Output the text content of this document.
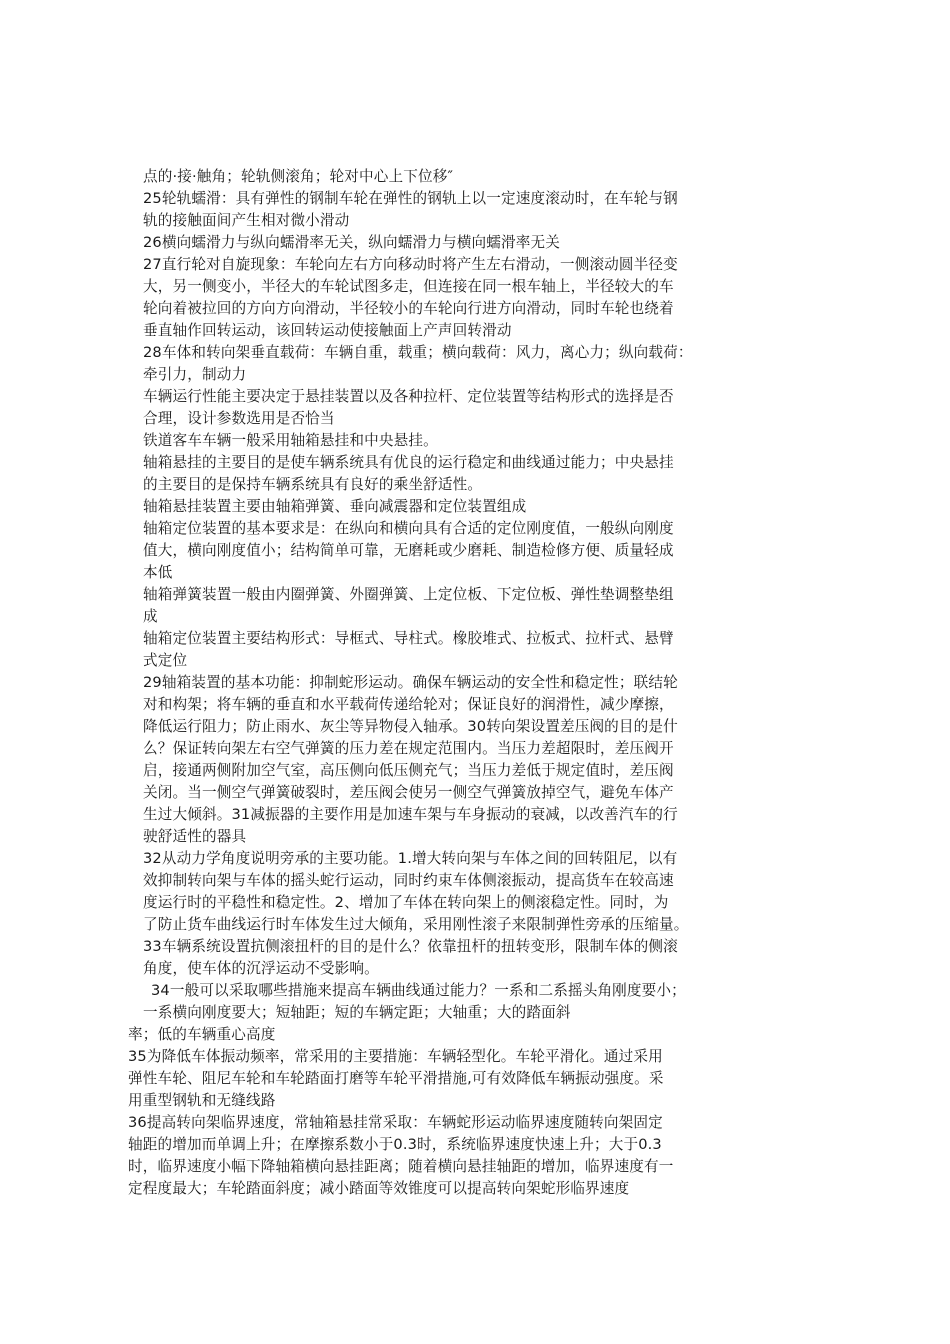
点的·接·触角；轮轨侧滚角；轮对中心上下位移″
25轮轨蠕滑：具有弹性的钢制车轮在弹性的钢轨上以一定速度滚动时，在车轮与钢
轨的接触面间产生相对微小滑动
26横向蠕滑力与纵向蠕滑率无关，纵向蠕滑力与横向蠕滑率无关
27直行轮对自旋现象：车轮向左右方向移动时将产生左右滑动，一侧滚动圆半径变
大，另一侧变小，半径大的车轮试图多走，但连接在同一根车轴上，半径较大的车
轮向着被拉回的方向方向滑动，半径较小的车轮向行进方向滑动，同时车轮也绕着
垂直轴作回转运动，该回转运动使接触面上产声回转滑动
28车体和转向架垂直载荷：车辆自重，载重；横向载荷：风力，离心力；纵向载荷：
牵引力，制动力
车辆运行性能主要决定于悬挂装置以及各种拉杆、定位装置等结构形式的选择是否
合理，设计参数选用是否恰当
铁道客车车辆一般采用轴箱悬挂和中央悬挂。
轴箱悬挂的主要目的是使车辆系统具有优良的运行稳定和曲线通过能力；中央悬挂
的主要目的是保持车辆系统具有良好的乘坐舒适性。
轴箱悬挂装置主要由轴箱弹簧、垂向减震器和定位装置组成
轴箱定位装置的基本要求是：在纵向和横向具有合适的定位刚度值，一般纵向刚度
值大，横向刚度值小；结构简单可靠，无磨耗或少磨耗、制造检修方便、质量轻成
本低
轴箱弹簧装置一般由内圈弹簧、外圈弹簧、上定位板、下定位板、弹性垫调整垫组
成
轴箱定位装置主要结构形式：导框式、导柱式。橡胶堆式、拉板式、拉杆式、悬臂
式定位
29轴箱装置的基本功能：抑制蛇形运动。确保车辆运动的安全性和稳定性；联结轮
对和构架；将车辆的垂直和水平载荷传递给轮对；保证良好的润滑性，减少摩擦，
降低运行阻力；防止雨水、灰尘等异物侵入轴承。30转向架设置差压阀的目的是什
么？保证转向架左右空气弹簧的压力差在规定范围内。当压力差超限时，差压阀开
启，接通两侧附加空气室，高压侧向低压侧充气；当压力差低于规定值时，差压阀
关闭。当一侧空气弹簧破裂时，差压阀会使另一侧空气弹簧放掉空气，避免车体产
生过大倾斜。31减振器的主要作用是加速车架与车身振动的衰减，以改善汽车的行
驶舒适性的器具
32从动力学角度说明旁承的主要功能。1.增大转向架与车体之间的回转阻尼，以有
效抑制转向架与车体的摇头蛇行运动，同时约束车体侧滚振动，提高货车在较高速
度运行时的平稳性和稳定性。2、增加了车体在转向架上的侧滚稳定性。同时，为
了防止货车曲线运行时车体发生过大倾角，采用刚性滚子来限制弹性旁承的压缩量。
33车辆系统设置抗侧滚扭杆的目的是什么？依靠扭杆的扭转变形，限制车体的侧滚
角度，使车体的沉浮运动不受影响。
34一般可以采取哪些措施来提高车辆曲线通过能力？一系和二系摇头角刚度要小；
一系横向刚度要大；短轴距；短的车辆定距；大轴重；大的踏面斜
率；低的车辆重心高度
35为降低车体振动频率，常采用的主要措施：车辆轻型化。车轮平滑化。通过采用
弹性车轮、阻尼车轮和车轮踏面打磨等车轮平滑措施,可有效降低车辆振动强度。采
用重型钢轨和无缝线路
36提高转向架临界速度，常轴箱悬挂常采取：车辆蛇形运动临界速度随转向架固定
轴距的增加而单调上升；在摩擦系数小于0.3时，系统临界速度快速上升；大于0.3
时，临界速度小幅下降轴箱横向悬挂距离；随着横向悬挂轴距的增加，临界速度有一
定程度最大；车轮踏面斜度；减小踏面等效锥度可以提高转向架蛇形临界速度
